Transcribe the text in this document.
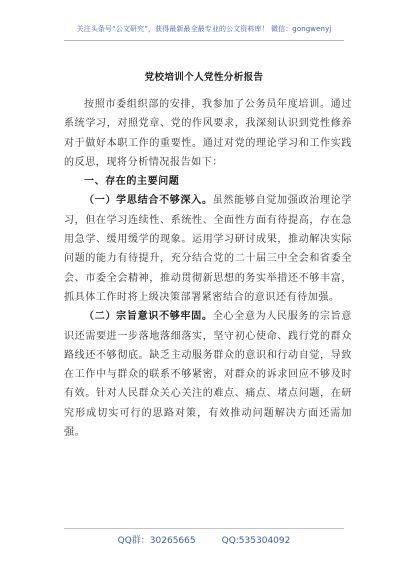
关注头条号“公文研究”，获得最新最全最专业的公文资料库！ 微信：gongwenyj
党校培训个人党性分析报告

按照市委组织部的安排，我参加了公务员年度培训。通过系统学习，对照党章、党的作风要求，我深刻认识到党性修养对于做好本职工作的重要性。通过对党的理论学习和工作实践的反思，现将分析情况报告如下：

一、存在的主要问题

（一）学思结合不够深入。虽然能够自觉加强政治理论学习，但在学习连续性、系统性、全面性方面有待提高，存在急用急学、缓用缓学的现象。运用学习研讨成果，推动解决实际问题的能力有待提升，充分结合党的二十届三中全会和省委全会、市委全会精神，推动贯彻新思想的务实举措还不够丰富，抓具体工作时将上级决策部署紧密结合的意识还有待加强。

（二）宗旨意识不够牢固。全心全意为人民服务的宗旨意识还需要进一步落地落细落实，坚守初心使命、践行党的群众路线还不够彻底。缺乏主动服务群众的意识和行动自觉，导致在工作中与群众的联系不够紧密，对群众的诉求回应不够及时有效。针对人民群众关心关注的难点、痛点、堵点问题，在研究形成切实可行的思路对策，有效推动问题解决方面还需加强。

QQ群：30265665	QQ:535304092
